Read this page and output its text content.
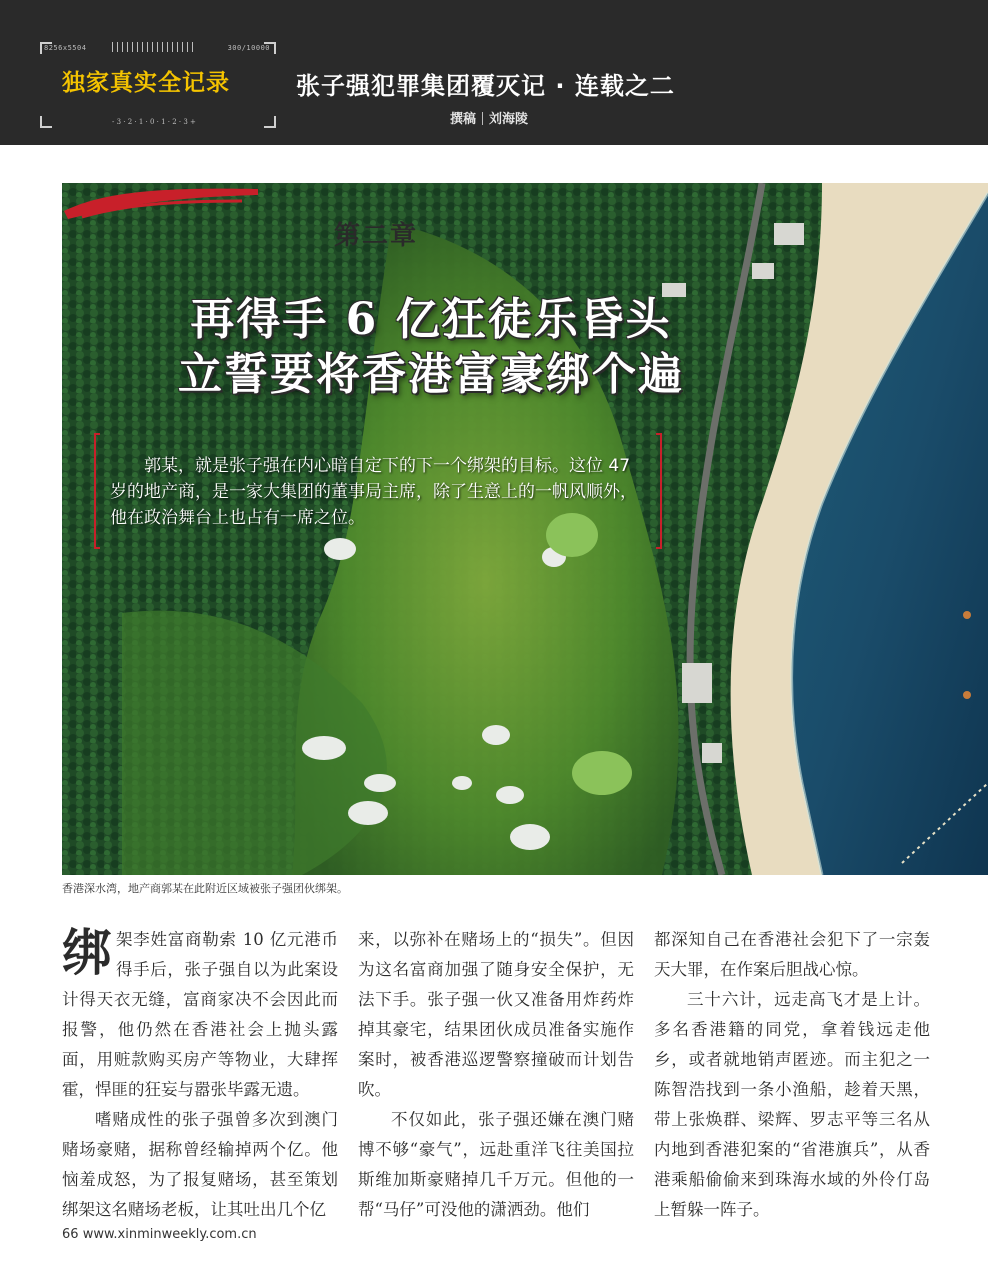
8256x5504	300/10000
- 3 · 2 · 1 · 0 · 1 · 2 · 3 +
独家真实全记录	张子强犯罪集团覆灭记 · 连载之二
撰稿 刘海陵
第二章
再得手 6 亿狂徒乐昏头
立誓要将香港富豪绑个遍

郭某，就是张子强在内心暗自定下的下一个绑架的目标。这位 47 岁的地产商，是一家大集团的董事局主席，除了生意上的一帆风顺外，他在政治舞台上也占有一席之位。

香港深水湾，地产商郭某在此附近区域被张子强团伙绑架。

绑架李姓富商勒索 10 亿元港币得手后，张子强自以为此案设计得天衣无缝，富商家决不会因此而报警，他仍然在香港社会上抛头露面，用赃款购买房产等物业，大肆挥霍，悍匪的狂妄与嚣张毕露无遗。

嗜赌成性的张子强曾多次到澳门赌场豪赌，据称曾经输掉两个亿。他恼羞成怒，为了报复赌场，甚至策划绑架这名赌场老板，让其吐出几个亿

来，以弥补在赌场上的“损失”。但因为这名富商加强了随身安全保护，无法下手。张子强一伙又准备用炸药炸掉其豪宅，结果团伙成员准备实施作案时，被香港巡逻警察撞破而计划告吹。

不仅如此，张子强还嫌在澳门赌博不够“豪气”，远赴重洋飞往美国拉斯维加斯豪赌掉几千万元。但他的一帮“马仔”可没他的潇洒劲。他们

都深知自己在香港社会犯下了一宗轰天大罪，在作案后胆战心惊。

三十六计，远走高飞才是上计。多名香港籍的同党，拿着钱远走他乡，或者就地销声匿迹。而主犯之一陈智浩找到一条小渔船，趁着天黑，带上张焕群、梁辉、罗志平等三名从内地到香港犯案的“省港旗兵”，从香港乘船偷偷来到珠海水域的外伶仃岛上暂躲一阵子。

66 www.xinminweekly.com.cn
